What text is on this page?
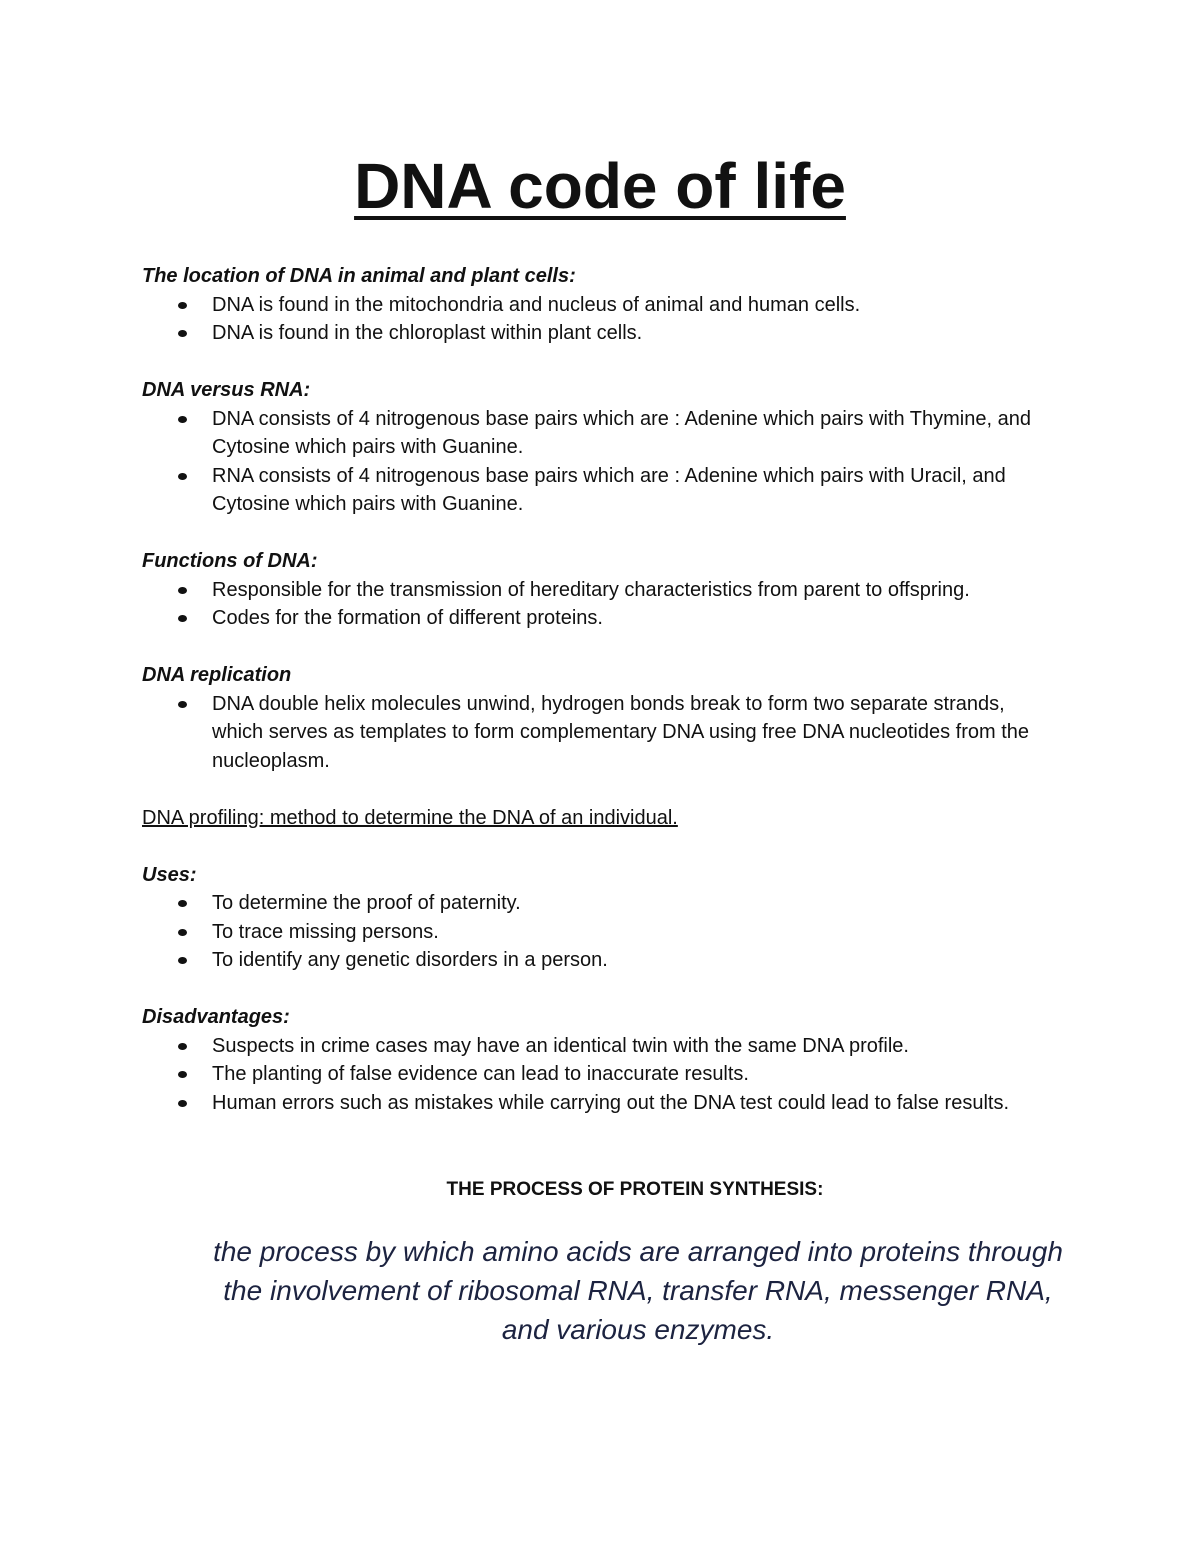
DNA code of life

The location of DNA in animal and plant cells:

DNA is found in the mitochondria and nucleus of animal and human cells.
DNA is found in the chloroplast within plant cells.

DNA versus RNA:

DNA consists of 4 nitrogenous base pairs which are : Adenine which pairs with Thymine, and Cytosine which pairs with Guanine.
RNA consists of 4 nitrogenous base pairs which are : Adenine which pairs with Uracil, and Cytosine which pairs with Guanine.

Functions of DNA:

Responsible for the transmission of hereditary characteristics from parent to offspring.
Codes for the formation of different proteins.

DNA replication

DNA double helix molecules unwind, hydrogen bonds break to form two separate strands, which serves as templates to form complementary DNA using free DNA nucleotides from the nucleoplasm.

DNA profiling: method to determine the DNA of an individual.

Uses:

To determine the proof of paternity.
To trace missing persons.
To identify any genetic disorders in a person.

Disadvantages:

Suspects in crime cases may have an identical twin with the same DNA profile.
The planting of false evidence can lead to inaccurate results.
Human errors such as mistakes while carrying out the DNA test could lead to false results.
THE PROCESS OF PROTEIN SYNTHESIS:
the process by which amino acids are arranged into proteins through the involvement of ribosomal RNA, transfer RNA, messenger RNA, and various enzymes.
